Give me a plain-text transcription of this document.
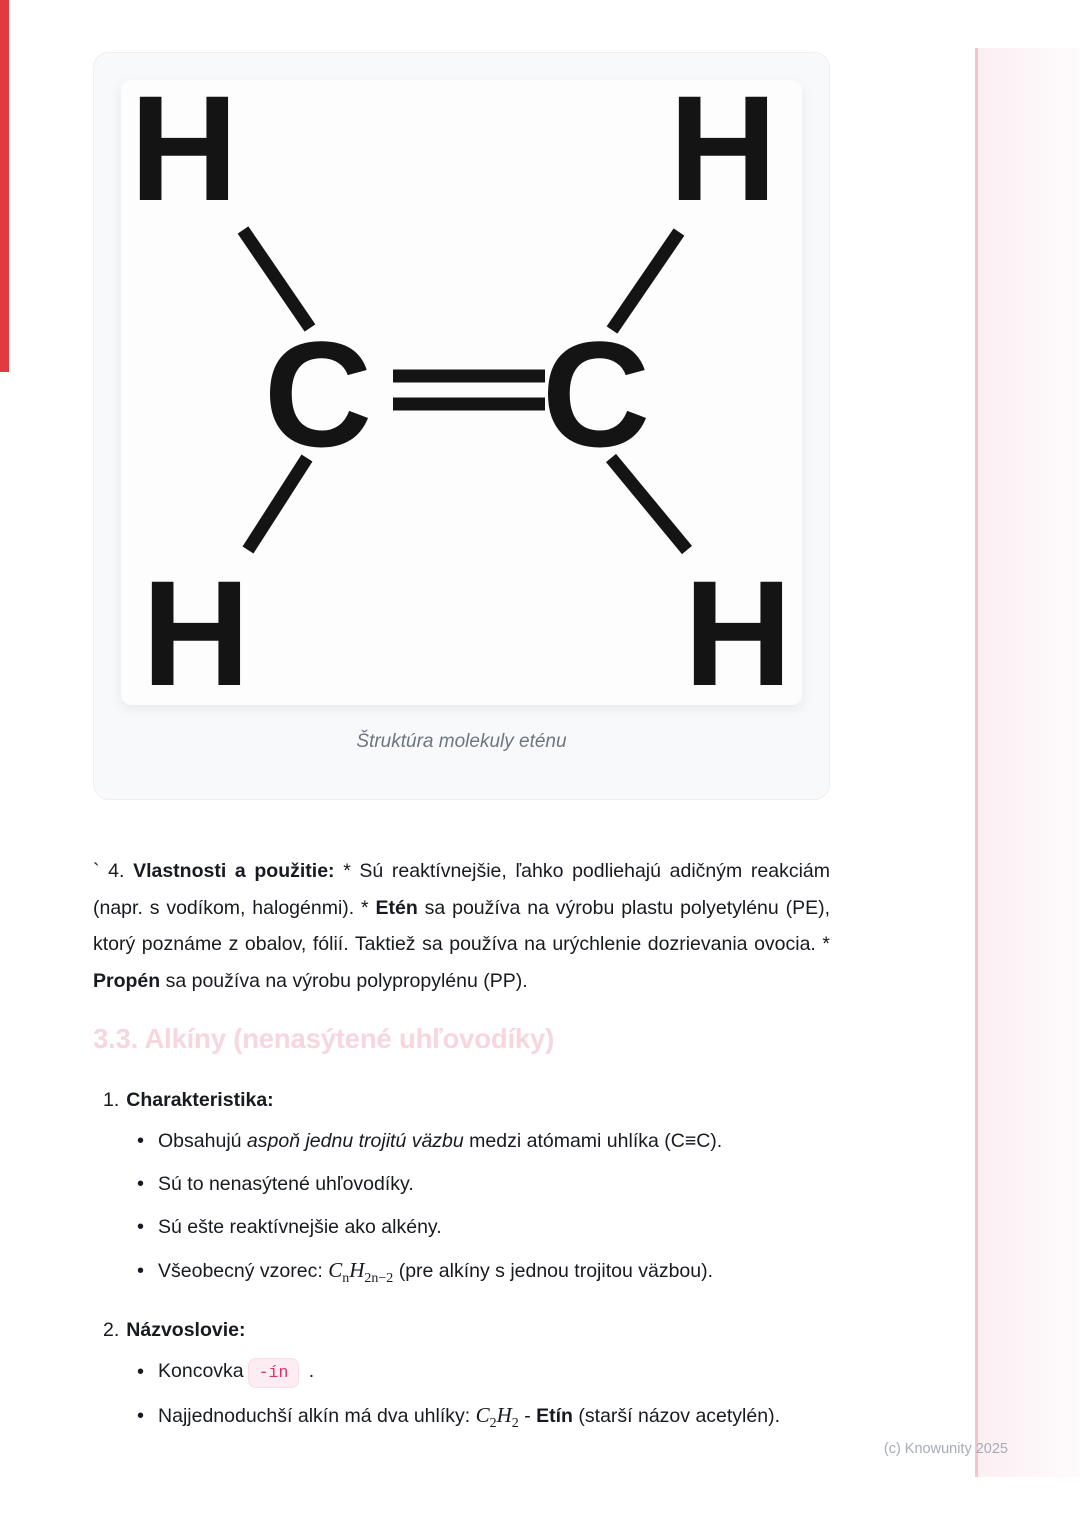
H	H
C C
H	H
Štruktúra molekuly eténu

` 4. Vlastnosti a použitie: * Sú reaktívnejšie, ľahko podliehajú adičným reakciám (napr. s vodíkom, halogénmi). * Etén sa používa na výrobu plastu polyetylénu (PE), ktorý poznáme z obalov, fólií. Taktiež sa používa na urýchlenie dozrievania ovocia. * Propén sa používa na výrobu polypropylénu (PP).

3.3. Alkíny (nenasýtené uhľovodíky)
1. Charakteristika:
•
Obsahujú aspoň jednu trojitú väzbu medzi atómami uhlíka (C≡C).
•
Sú to nenasýtené uhľovodíky.
•
Sú ešte reaktívnejšie ako alkény.
•
Všeobecný vzorec: $C_nH_{2n-2}$ (pre alkíny s jednou trojitou väzbou).
2. Názvoslovie:
•
Koncovka -ín .
•
Najjednoduchší alkín má dva uhlíky: $C_2H_2$ - Etín (starší názov acetylén).
(c) Knowunity 2025
